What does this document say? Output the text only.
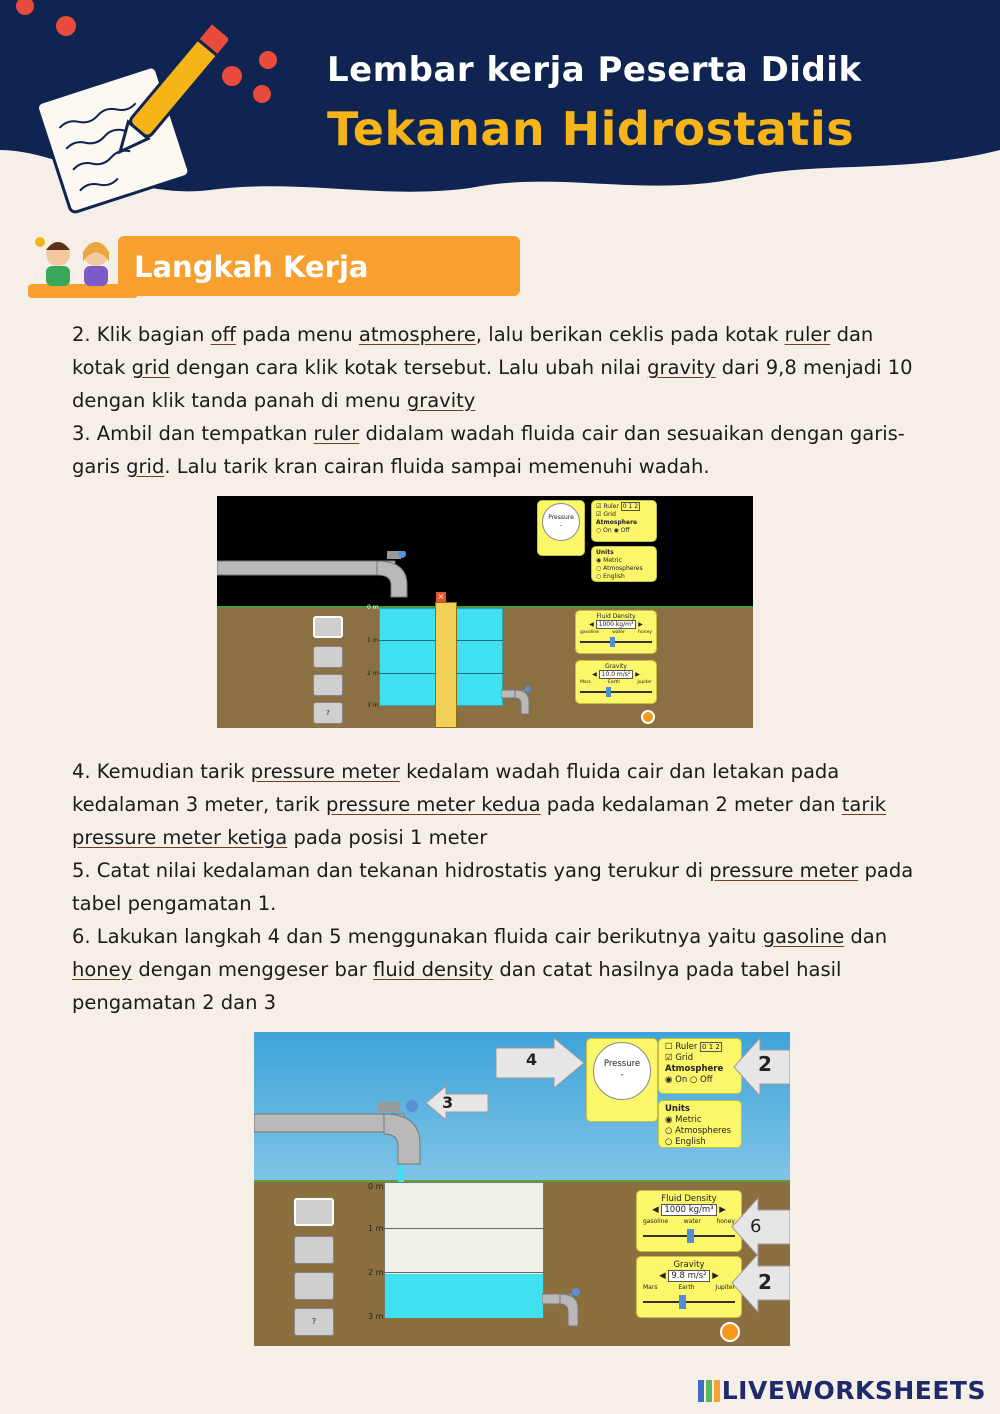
Lembar kerja Peserta Didik
Tekanan Hidrostatis
Langkah Kerja

2. Klik bagian off pada menu atmosphere, lalu berikan ceklis pada kotak ruler dan kotak grid dengan cara klik kotak tersebut. Lalu ubah nilai gravity dari 9,8 menjadi 10 dengan klik tanda panah di menu gravity

3. Ambil dan tempatkan ruler didalam wadah fluida cair dan sesuaikan dengan garis-garis grid. Lalu tarik kran cairan fluida sampai memenuhi wadah.

×
0 m
1 m
2 m
3 m
?
Pressure
-
☑ Ruler 0 1 2
☑ Grid
Atmosphere
○ On ◉ Off
Units
◉ Metric
○ Atmospheres
○ English
Fluid Density
◀ 1000 kg/m³ ▶
gasoline	water	honey
Gravity
◀ 10.0 m/s² ▶
Mars	Earth	Jupiter

4. Kemudian tarik pressure meter kedalam wadah fluida cair dan letakan pada kedalaman 3 meter, tarik pressure meter kedua pada kedalaman 2 meter dan tarik pressure meter ketiga pada posisi 1 meter

5. Catat nilai kedalaman dan tekanan hidrostatis yang terukur di pressure meter pada tabel pengamatan 1.

6. Lakukan langkah 4 dan 5 menggunakan fluida cair berikutnya yaitu gasoline dan honey dengan menggeser bar fluid density dan catat hasilnya pada tabel hasil pengamatan 2 dan 3

0 m
1 m
2 m
3 m
?
Pressure
-
☐ Ruler 0 1 2
☑ Grid
Atmosphere
◉ On ○ Off
Units
◉ Metric
○ Atmospheres
○ English
Fluid Density
◀ 1000 kg/m³ ▶
gasoline	water	honey
Gravity
◀ 9.8 m/s² ▶
Mars	Earth	Jupiter
4
3
2
6
2
LIVEWORKSHEETS
